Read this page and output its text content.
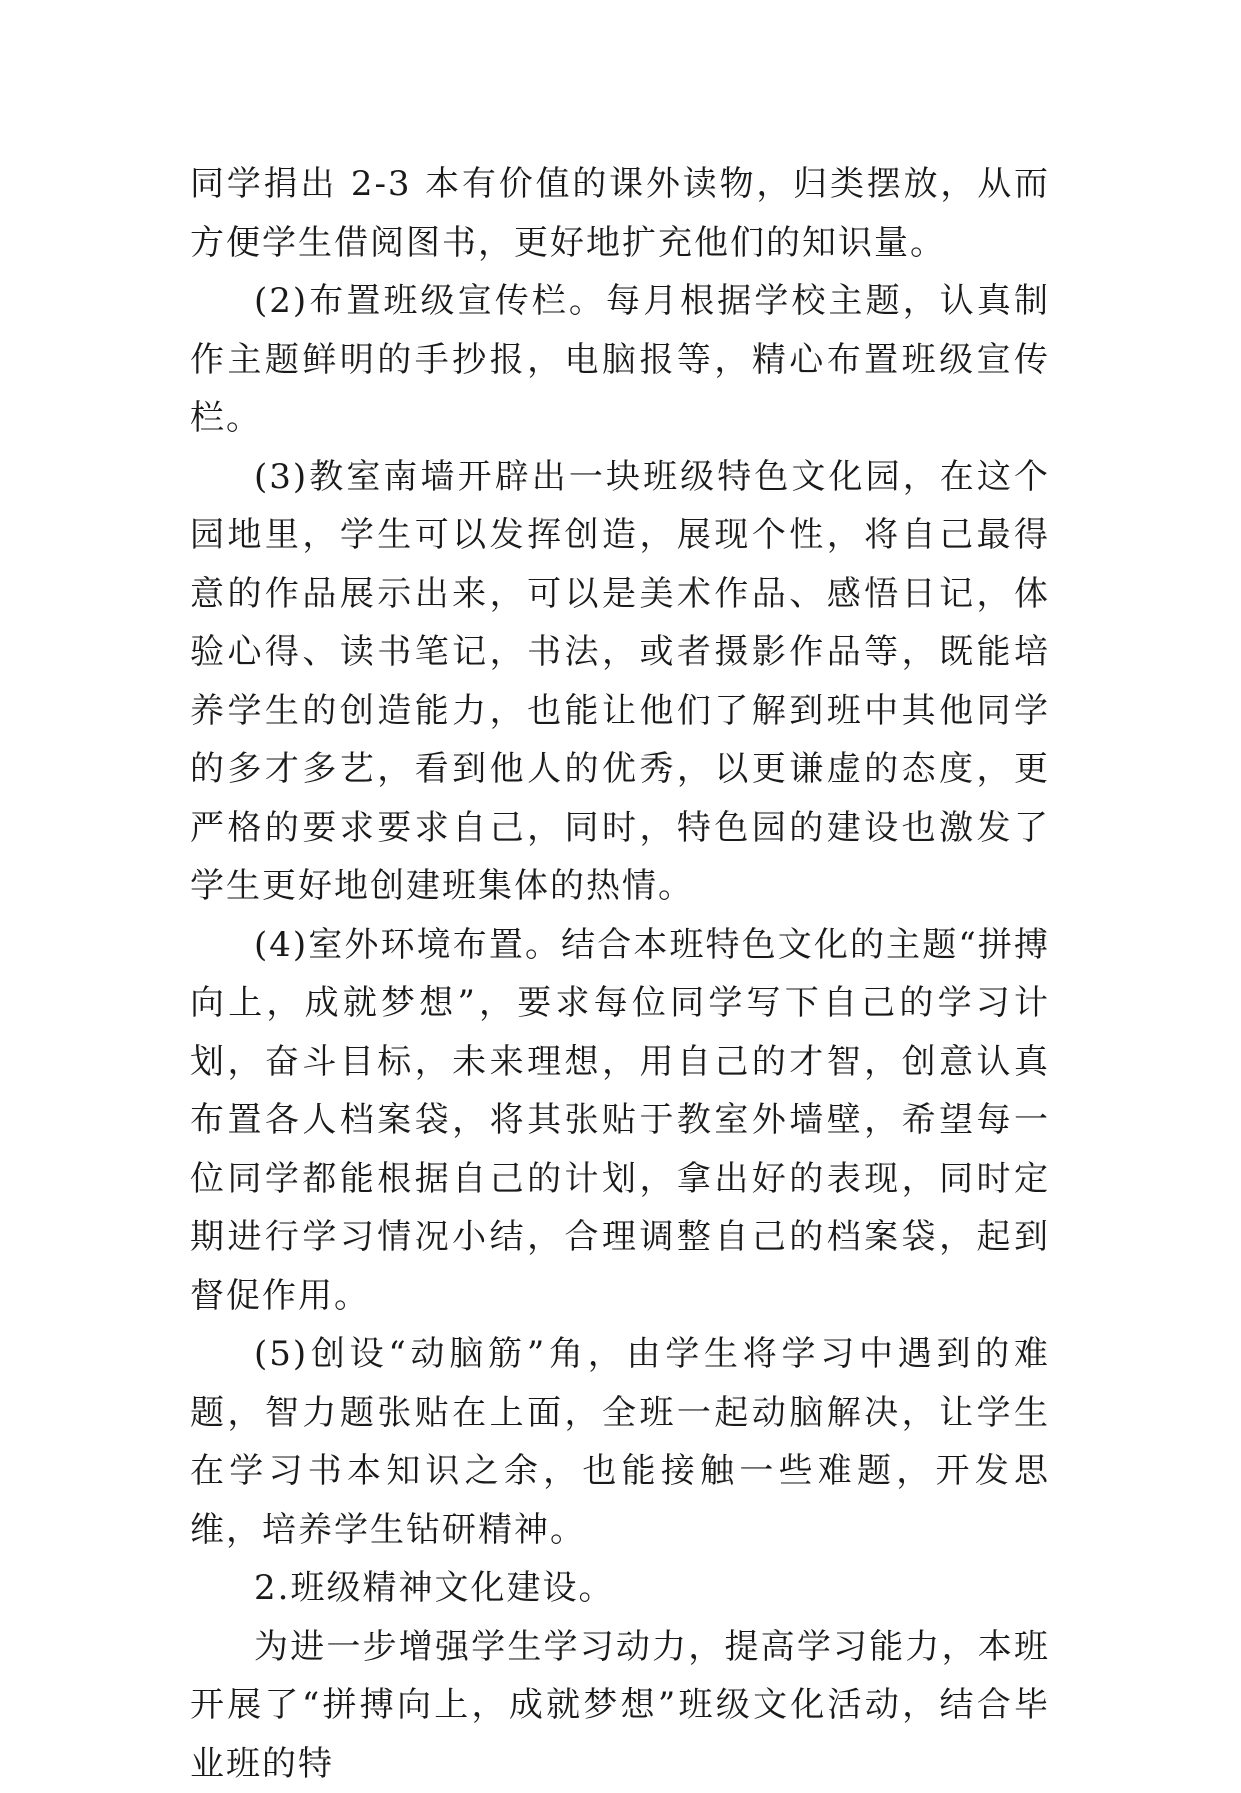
同学捐出 2-3 本有价值的课外读物，归类摆放，从而方便学生借阅图书，更好地扩充他们的知识量。

(2)布置班级宣传栏。每月根据学校主题，认真制作主题鲜明的手抄报，电脑报等，精心布置班级宣传栏。

(3)教室南墙开辟出一块班级特色文化园，在这个园地里，学生可以发挥创造，展现个性，将自己最得意的作品展示出来，可以是美术作品、感悟日记，体验心得、读书笔记，书法，或者摄影作品等，既能培养学生的创造能力，也能让他们了解到班中其他同学的多才多艺，看到他人的优秀，以更谦虚的态度，更严格的要求要求自己，同时，特色园的建设也激发了学生更好地创建班集体的热情。

(4)室外环境布置。结合本班特色文化的主题“拼搏向上，成就梦想”，要求每位同学写下自己的学习计划，奋斗目标，未来理想，用自己的才智，创意认真布置各人档案袋，将其张贴于教室外墙壁，希望每一位同学都能根据自己的计划，拿出好的表现，同时定期进行学习情况小结，合理调整自己的档案袋，起到督促作用。

(5)创设“动脑筋”角，由学生将学习中遇到的难题，智力题张贴在上面，全班一起动脑解决，让学生在学习书本知识之余，也能接触一些难题，开发思维，培养学生钻研精神。

2.班级精神文化建设。

为进一步增强学生学习动力，提高学习能力，本班开展了“拼搏向上，成就梦想”班级文化活动，结合毕业班的特
